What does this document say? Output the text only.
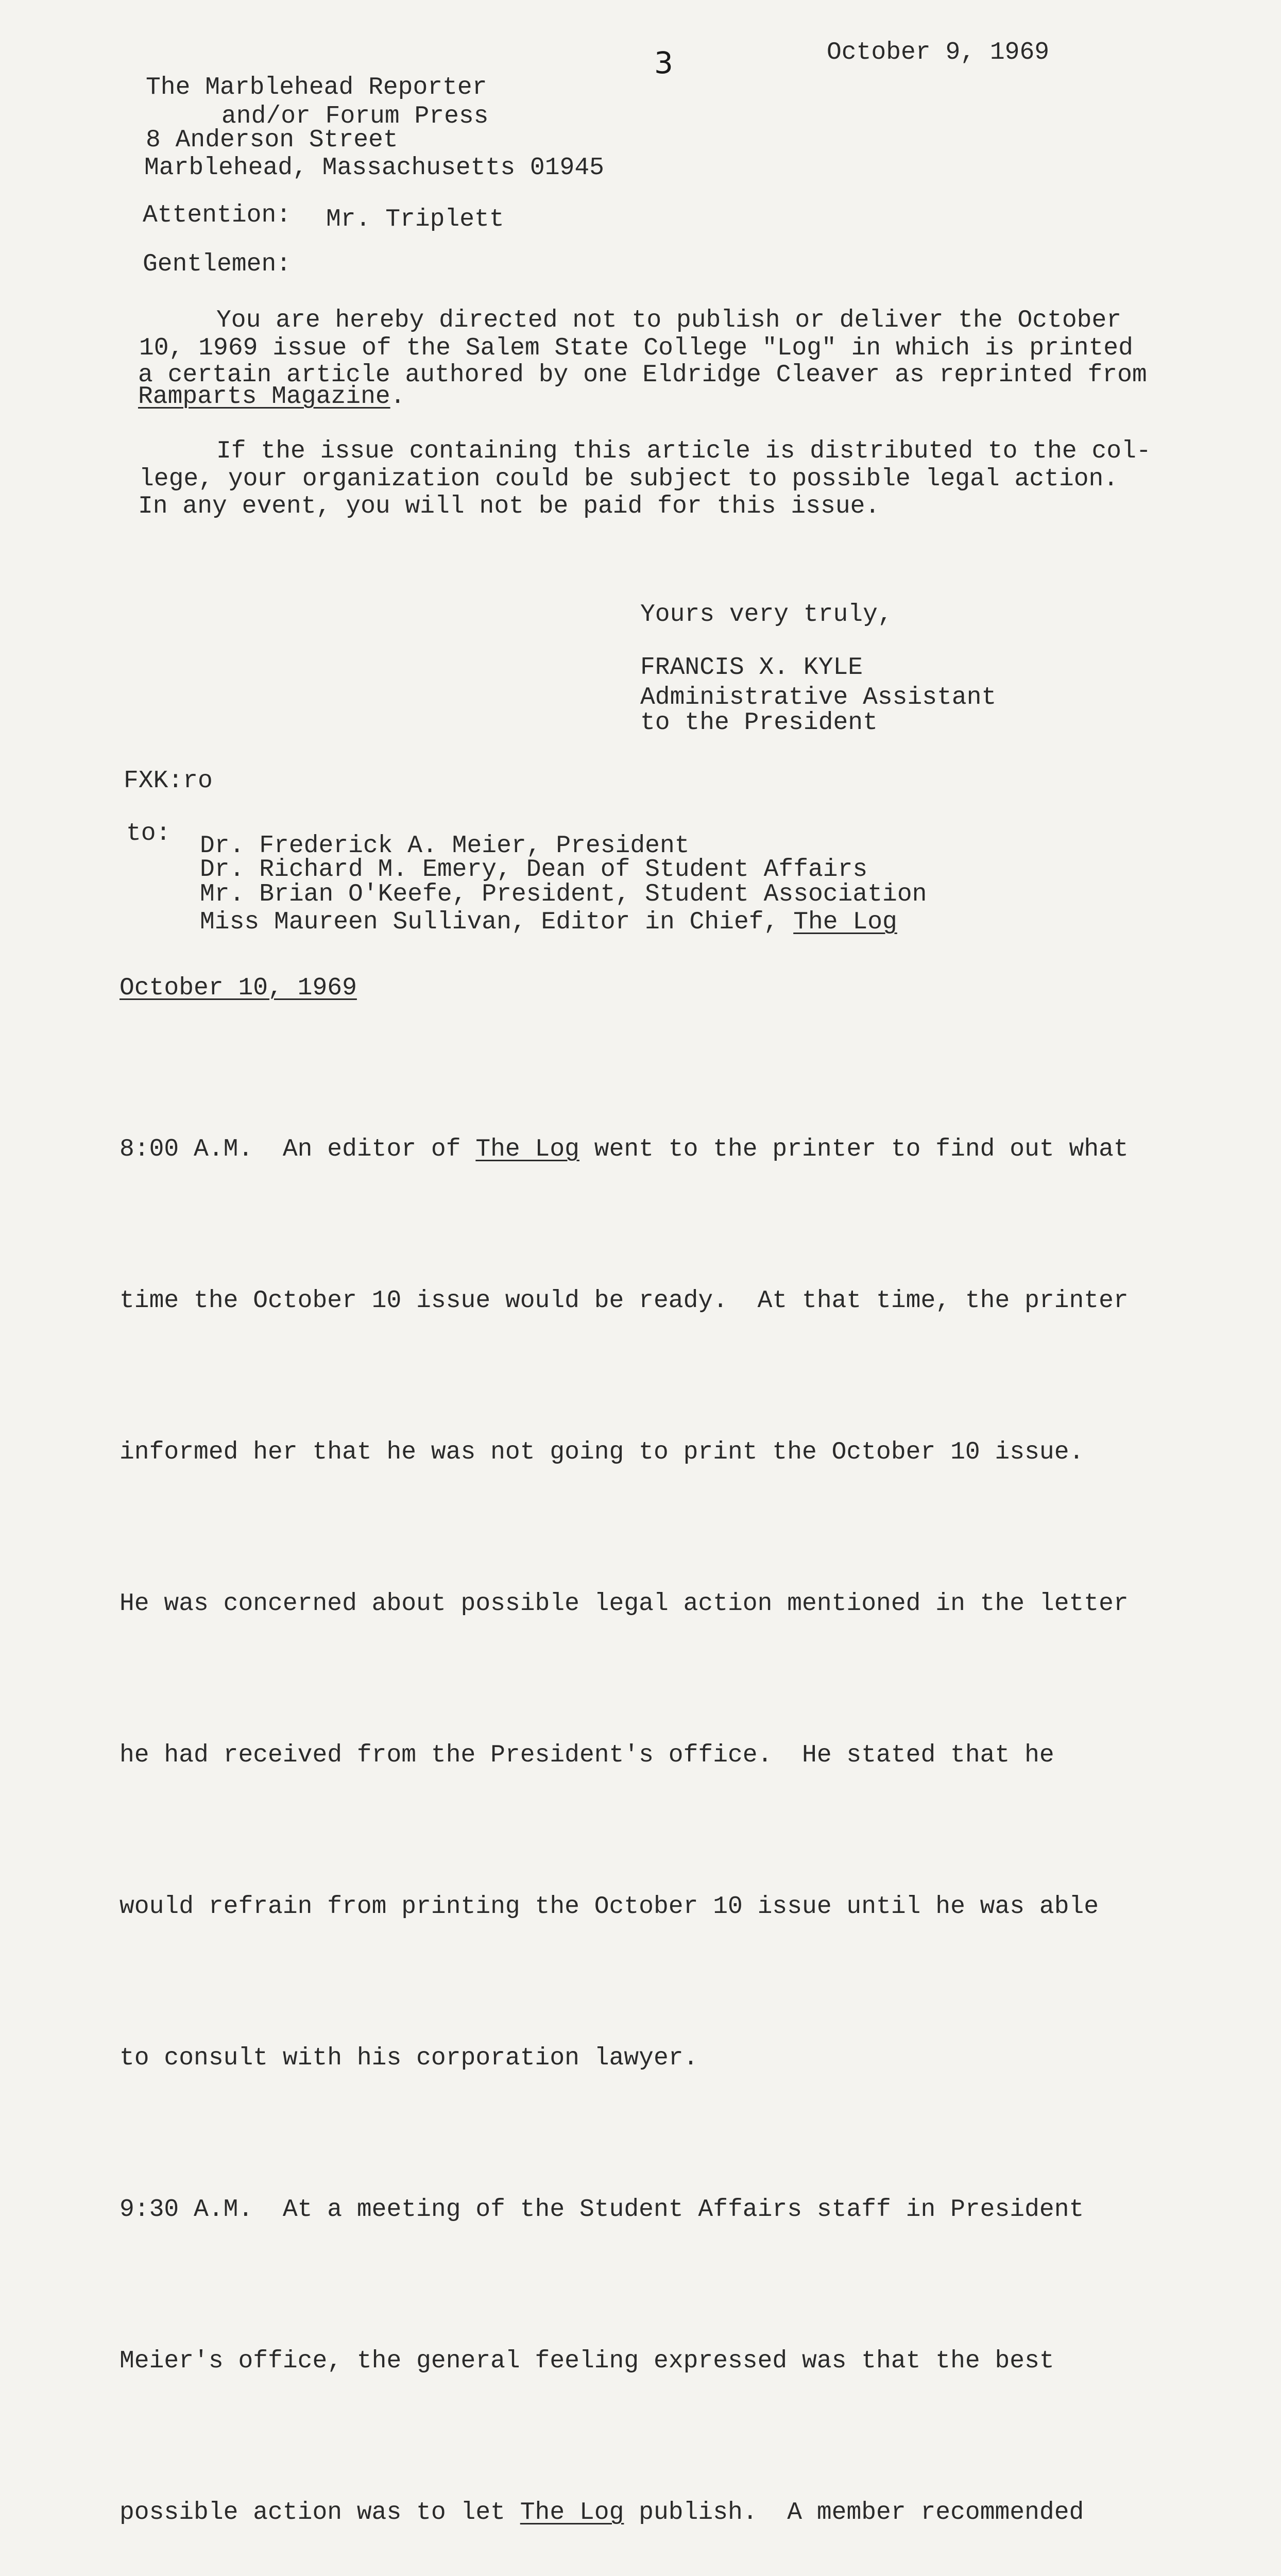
3	October 9, 1969
The Marblehead Reporter
and/or Forum Press
8 Anderson Street
Marblehead, Massachusetts 01945
Attention: Mr. Triplett
Gentlemen:
You are hereby directed not to publish or deliver the October
10, 1969 issue of the Salem State College "Log" in which is printed
a certain article authored by one Eldridge Cleaver as reprinted from
Ramparts Magazine.
If the issue containing this article is distributed to the col-
lege, your organization could be subject to possible legal action.
In any event, you will not be paid for this issue.
Yours very truly,
FRANCIS X. KYLE
Administrative Assistant
to the President
FXK:ro
to: Dr. Frederick A. Meier, President
Dr. Richard M. Emery, Dean of Student Affairs
Mr. Brian O'Keefe, President, Student Association
Miss Maureen Sullivan, Editor in Chief, The Log
October 10, 1969

8:00 A.M.  An editor of The Log went to the printer to find out what

time the October 10 issue would be ready.  At that time, the printer

informed her that he was not going to print the October 10 issue.

He was concerned about possible legal action mentioned in the letter

he had received from the President's office.  He stated that he

would refrain from printing the October 10 issue until he was able

to consult with his corporation lawyer.

9:30 A.M.  At a meeting of the Student Affairs staff in President

Meier's office, the general feeling expressed was that the best

possible action was to let The Log publish.  A member recommended
